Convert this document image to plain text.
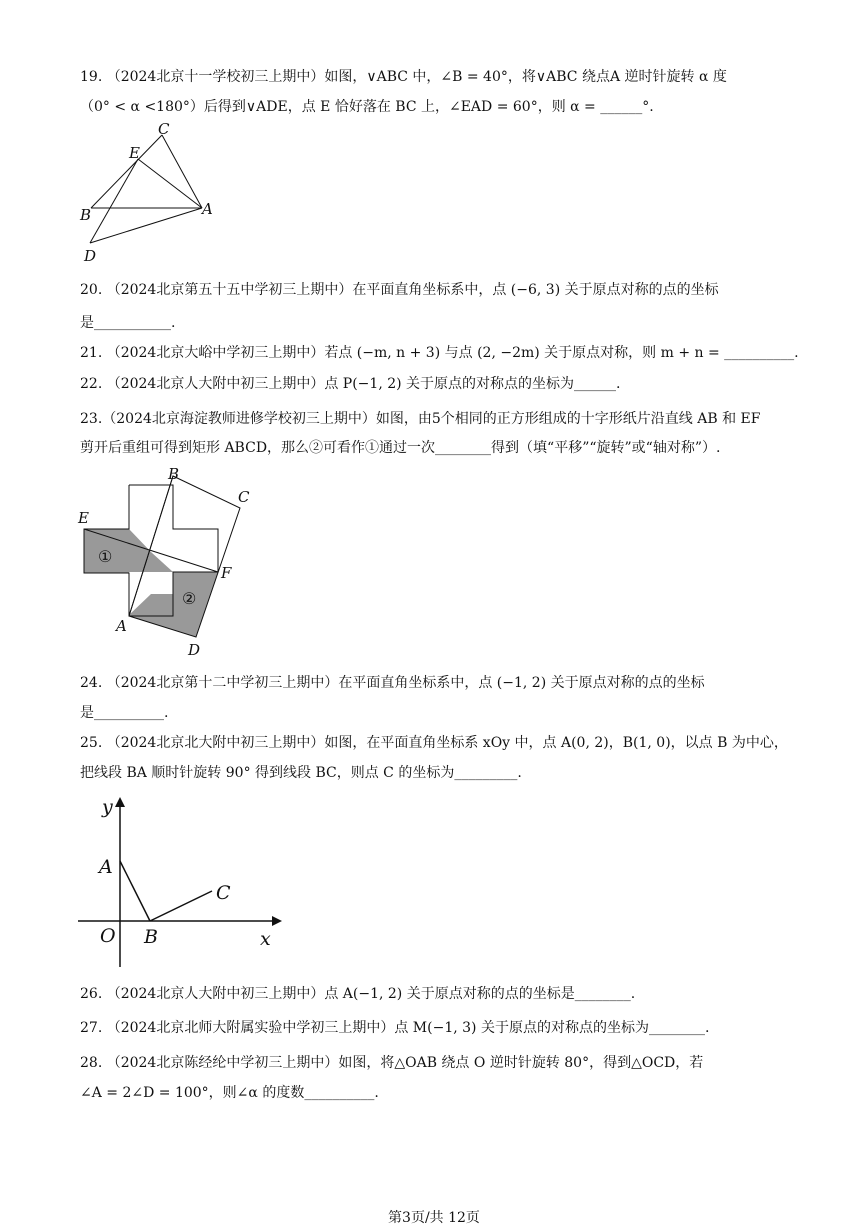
19. （2024北京十一学校初三上期中）如图，∨ABC 中，∠B = 40°，将∨ABC 绕点A 逆时针旋转 α 度
（0° < α <180°）后得到∨ADE，点 E 恰好落在 BC 上，∠EAD = 60°，则 α = ______°.
C
E
B	A
D
20. （2024北京第五十五中学初三上期中）在平面直角坐标系中，点 (−6, 3) 关于原点对称的点的坐标
是___________.
21. （2024北京大峪中学初三上期中）若点 (−m, n + 3) 与点 (2, −2m) 关于原点对称，则 m + n = __________.
22. （2024北京人大附中初三上期中）点 P(−1, 2) 关于原点的对称点的坐标为______.
23.（2024北京海淀教师进修学校初三上期中）如图，由5个相同的正方形组成的十字形纸片沿直线 AB 和 EF
剪开后重组可得到矩形 ABCD，那么②可看作①通过一次________得到（填“平移”“旋转”或“轴对称”）.
B
C
E
F
A
D
①
②
24. （2024北京第十二中学初三上期中）在平面直角坐标系中，点 (−1, 2) 关于原点对称的点的坐标
是__________.
25. （2024北京北大附中初三上期中）如图，在平面直角坐标系 xOy 中，点 A(0, 2)，B(1, 0)，以点 B 为中心，
把线段 BA 顺时针旋转 90° 得到线段 BC，则点 C 的坐标为_________.
y
A
C
O B	x
26. （2024北京人大附中初三上期中）点 A(−1, 2) 关于原点对称的点的坐标是________.
27. （2024北京北师大附属实验中学初三上期中）点 M(−1, 3) 关于原点的对称点的坐标为________.
28. （2024北京陈经纶中学初三上期中）如图，将△OAB 绕点 O 逆时针旋转 80°，得到△OCD，若
∠A = 2∠D = 100°，则∠α 的度数__________.
第3页/共 12页
